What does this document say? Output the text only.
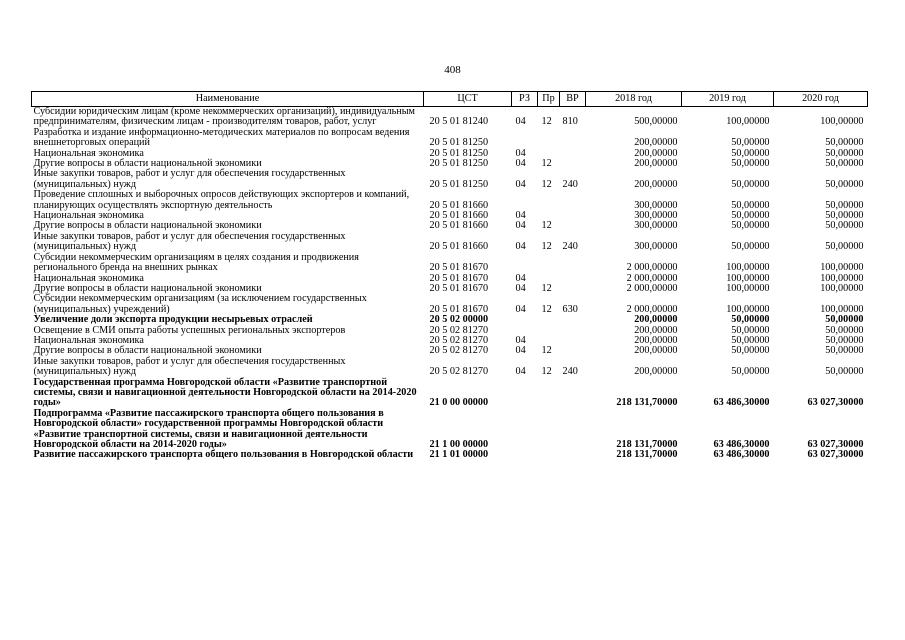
408
Наименование	ЦСТ	РЗ	Пр	ВР	2018 год	2019 год	2020 год
Субсидии юридическим лицам (кроме некоммерческих организаций), индивидуальным предпринимателям, физическим лицам - производителям товаров, работ, услуг	20 5 01 81240	04	12	810	500,00000	100,00000	100,00000
Разработка и издание информационно-методических материалов по вопросам ведения внешнеторговых операций	20 5 01 81250				200,00000	50,00000	50,00000
Национальная экономика	20 5 01 81250	04			200,00000	50,00000	50,00000
Другие вопросы в области национальной экономики	20 5 01 81250	04	12		200,00000	50,00000	50,00000
Иные закупки товаров, работ и услуг для обеспечения государственных (муниципальных) нужд	20 5 01 81250	04	12	240	200,00000	50,00000	50,00000
Проведение сплошных и выборочных опросов действующих экспортеров и компаний, планирующих осуществлять экспортную деятельность	20 5 01 81660				300,00000	50,00000	50,00000
Национальная экономика	20 5 01 81660	04			300,00000	50,00000	50,00000
Другие вопросы в области национальной экономики	20 5 01 81660	04	12		300,00000	50,00000	50,00000
Иные закупки товаров, работ и услуг для обеспечения государственных (муниципальных) нужд	20 5 01 81660	04	12	240	300,00000	50,00000	50,00000
Субсидии некоммерческим организациям в целях создания и продвижения регионального бренда на внешних рынках	20 5 01 81670				2 000,00000	100,00000	100,00000
Национальная экономика	20 5 01 81670	04			2 000,00000	100,00000	100,00000
Другие вопросы в области национальной экономики	20 5 01 81670	04	12		2 000,00000	100,00000	100,00000
Субсидии некоммерческим организациям (за исключением государственных (муниципальных) учреждений)	20 5 01 81670	04	12	630	2 000,00000	100,00000	100,00000
Увеличение доли экспорта продукции несырьевых отраслей	20 5 02 00000				200,00000	50,00000	50,00000
Освещение в СМИ опыта работы успешных региональных экспортеров	20 5 02 81270				200,00000	50,00000	50,00000
Национальная экономика	20 5 02 81270	04			200,00000	50,00000	50,00000
Другие вопросы в области национальной экономики	20 5 02 81270	04	12		200,00000	50,00000	50,00000
Иные закупки товаров, работ и услуг для обеспечения государственных (муниципальных) нужд	20 5 02 81270	04	12	240	200,00000	50,00000	50,00000
Государственная программа Новгородской области «Развитие транспортной системы, связи и навигационной деятельности Новгородской области на 2014-2020 годы»	21 0 00 00000				218 131,70000	63 486,30000	63 027,30000
Подпрограмма «Развитие пассажирского транспорта общего пользования в Новгородской области» государственной программы Новгородской области «Развитие транспортной системы, связи и навигационной деятельности Новгородской области на 2014-2020 годы»	21 1 00 00000				218 131,70000	63 486,30000	63 027,30000
Развитие пассажирского транспорта общего пользования в Новгородской области	21 1 01 00000				218 131,70000	63 486,30000	63 027,30000
